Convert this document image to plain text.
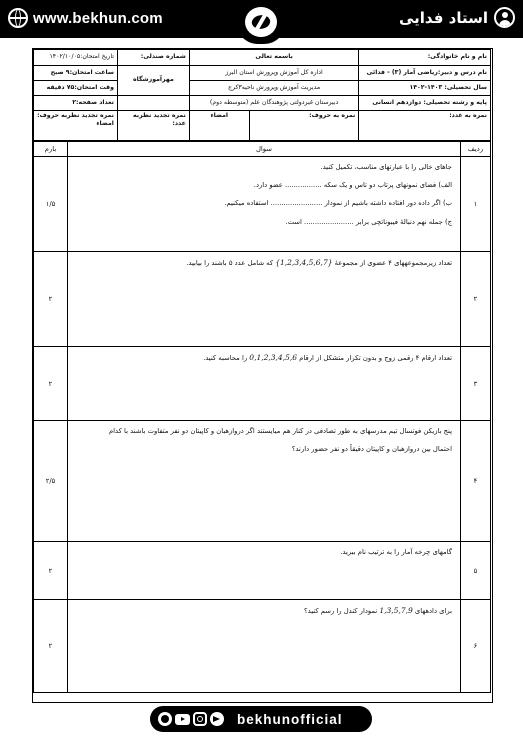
www.bekhun.com	استاد فدایی
نام و نام خانوادگی:	باسمه تعالی		شماره صندلی:	تاریخ امتحان:۱۴۰۲/۱۰/۰۵
نام درس و دبیر:ریاضی آمار (۳) - فدائی	اداره کل آموزش وپرورش استان البرز		مهرآموزشگاه	ساعت امتحان:۹ صبح
سال تحصیلی: ۱۴۰۳-۱۴۰۲	مدیریت آموزش وپرورش ناحیه۳کرج			وقت امتحان:۷۵ دقیقه
پایه و رشته تحصیلی: دوازدهم انسانی	دبیرستان غیردولتی پژوهندگان علم (متوسطه دوم)			تعداد صفحه:۲
نمره به عدد:	نمره به حروف:	امضاء	نمره تجدید نظربه عدد:	نمره تجدید نظربه حروف: امضاء
ردیف	سوال	بارم
۱	جاهای خالی را با عبارتهای مناسب، تکمیل کنید.
الف) فضای نمونهای پرتاب دو تاس و یک سکه ................. عضو دارد.
ب) اگر داده دور افتاده داشته باشیم از نمودار ........................ استفاده میکنیم.
ج) جمله نهم دنبالۀ فیبوناتچی برابر ....................... است.	۱/۵
۲	تعداد زیرمجموعههای ۴ عضوی از مجموعۀ {1,2,3,4,5,6,7} که شامل عدد ۵ باشند را بیابید.	۲
۳	تعداد ارقام ۴ رقمی زوج و بدون تکرار متشکل از ارقام 0,1,2,3,4,5,6 را محاسبه کنید.	۲
۴	پنج بازیکن فوتسال تیم مدرسهای به طور تصادفی در کنار هم میایستند اگر دروازهبان و کاپیتان دو نفر متفاوت باشند با کدام
احتمال بین دروازهبان و کاپیتان دقیقاً دو نفر حضور دارند؟	۲/۵
۵	گامهای چرخه آمار را به ترتیب نام ببرید.	۲
۶	برای دادههای 1,3,5,7,9 نمودار کندل را رسم کنید؟	۲
bekhunofficial
